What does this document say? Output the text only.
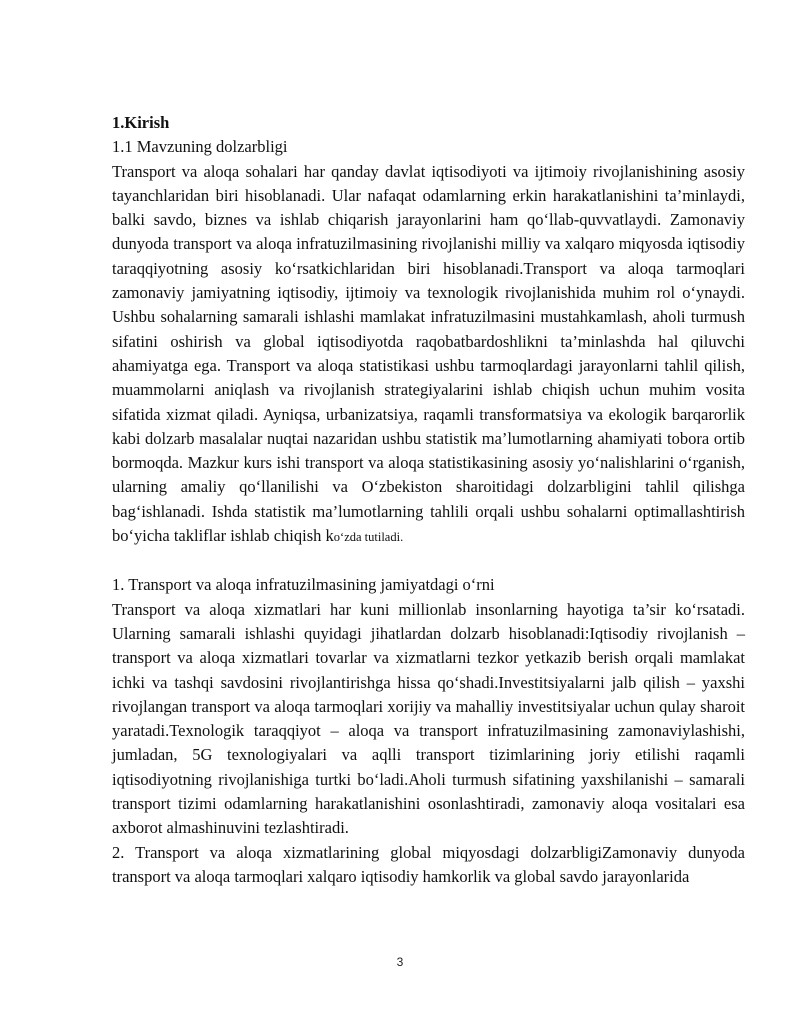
1.Kirish
1.1 Mavzuning dolzarbligi

Transport va aloqa sohalari har qanday davlat iqtisodiyoti va ijtimoiy rivojlanishining asosiy tayanchlaridan biri hisoblanadi. Ular nafaqat odamlarning erkin harakatlanishini ta’minlaydi, balki savdo, biznes va ishlab chiqarish jarayonlarini ham qo‘llab-quvvatlaydi. Zamonaviy dunyoda transport va aloqa infratuzilmasining rivojlanishi milliy va xalqaro miqyosda iqtisodiy taraqqiyotning asosiy ko‘rsatkichlaridan biri hisoblanadi.Transport va aloqa tarmoqlari zamonaviy jamiyatning iqtisodiy, ijtimoiy va texnologik rivojlanishida muhim rol o‘ynaydi. Ushbu sohalarning samarali ishlashi mamlakat infratuzilmasini mustahkamlash, aholi turmush sifatini oshirish va global iqtisodiyotda raqobatbardoshlikni ta’minlashda hal qiluvchi ahamiyatga ega. Transport va aloqa statistikasi ushbu tarmoqlardagi jarayonlarni tahlil qilish, muammolarni aniqlash va rivojlanish strategiyalarini ishlab chiqish uchun muhim vosita sifatida xizmat qiladi. Ayniqsa, urbanizatsiya, raqamli transformatsiya va ekologik barqarorlik kabi dolzarb masalalar nuqtai nazaridan ushbu statistik ma’lumotlarning ahamiyati tobora ortib bormoqda. Mazkur kurs ishi transport va aloqa statistikasining asosiy yo‘nalishlarini o‘rganish, ularning amaliy qo‘llanilishi va O‘zbekiston sharoitidagi dolzarbligini tahlil qilishga bag‘ishlanadi. Ishda statistik ma’lumotlarning tahlili orqali ushbu sohalarni optimallashtirish bo‘yicha takliflar ishlab chiqish ko‘zda tutiladi.

1. Transport va aloqa infratuzilmasining jamiyatdagi o‘rni

Transport va aloqa xizmatlari har kuni millionlab insonlarning hayotiga ta’sir ko‘rsatadi. Ularning samarali ishlashi quyidagi jihatlardan dolzarb hisoblanadi:Iqtisodiy rivojlanish – transport va aloqa xizmatlari tovarlar va xizmatlarni tezkor yetkazib berish orqali mamlakat ichki va tashqi savdosini rivojlantirishga hissa qo‘shadi.Investitsiyalarni jalb qilish – yaxshi rivojlangan transport va aloqa tarmoqlari xorijiy va mahalliy investitsiyalar uchun qulay sharoit yaratadi.Texnologik taraqqiyot – aloqa va transport infratuzilmasining zamonaviylashishi, jumladan, 5G texnologiyalari va aqlli transport tizimlarining joriy etilishi raqamli iqtisodiyotning rivojlanishiga turtki bo‘ladi.Aholi turmush sifatining yaxshilanishi – samarali transport tizimi odamlarning harakatlanishini osonlashtiradi, zamonaviy aloqa vositalari esa axborot almashinuvini tezlashtiradi.

2. Transport va aloqa xizmatlarining global miqyosdagi dolzarbligiZamonaviy dunyoda transport va aloqa tarmoqlari xalqaro iqtisodiy hamkorlik va global savdo jarayonlarida

3
